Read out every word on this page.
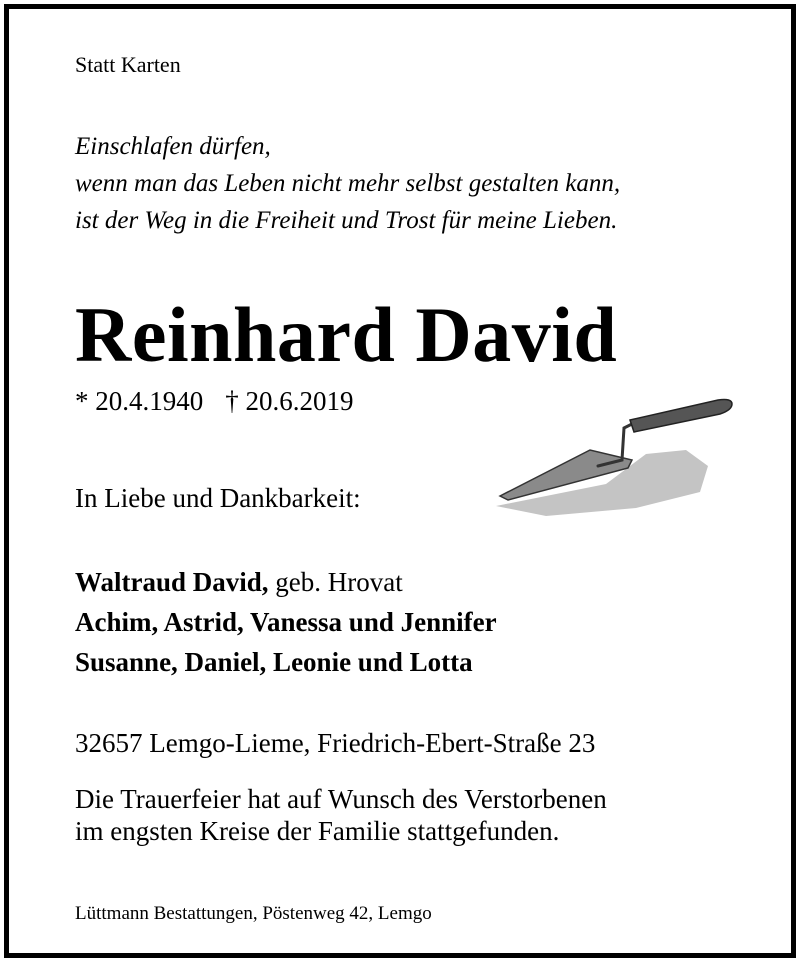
Statt Karten

Einschlafen dürfen,
wenn man das Leben nicht mehr selbst gestalten kann,
ist der Weg in die Freiheit und Trost für meine Lieben.
Reinhard David
* 20.4.1940 † 20.6.2019

In Liebe und Dankbarkeit:

Waltraud David, geb. Hrovat
Achim, Astrid, Vanessa und Jennifer
Susanne, Daniel, Leonie und Lotta

32657 Lemgo-Lieme, Friedrich-Ebert-Straße 23

Die Trauerfeier hat auf Wunsch des Verstorbenen
im engsten Kreise der Familie stattgefunden.

Lüttmann Bestattungen, Pöstenweg 42, Lemgo
